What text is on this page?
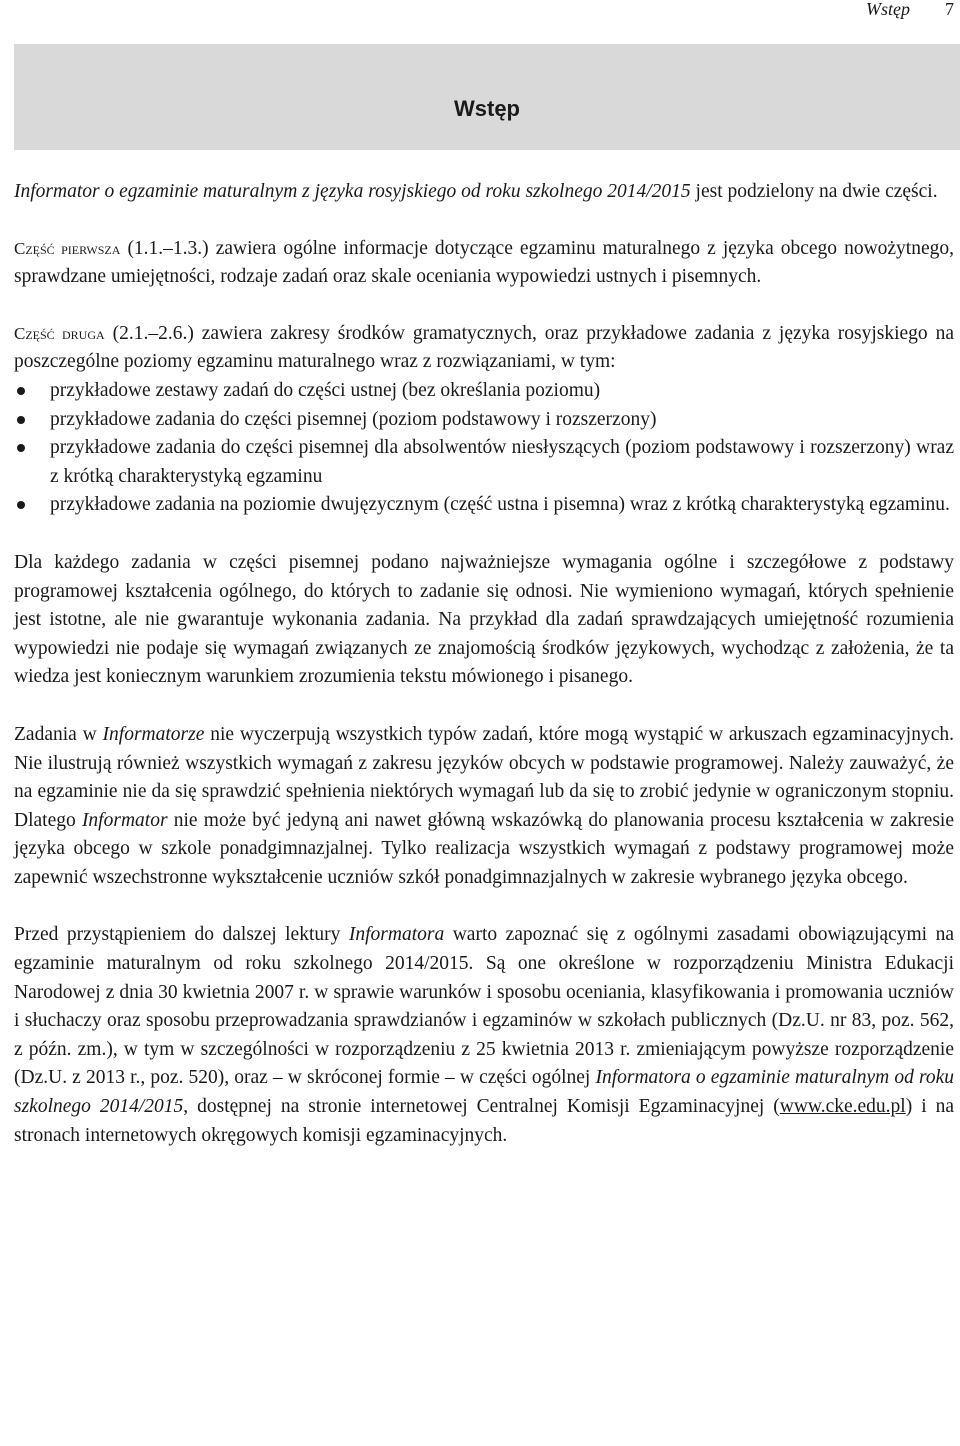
Wstęp 7
Wstęp

Informator o egzaminie maturalnym z języka rosyjskiego od roku szkolnego 2014/2015 jest podzielony na dwie części.

Część pierwsza (1.1.–1.3.) zawiera ogólne informacje dotyczące egzaminu maturalnego z języka obcego nowożytnego, sprawdzane umiejętności, rodzaje zadań oraz skale oceniania wypowiedzi ustnych i pisemnych.

Część druga (2.1.–2.6.) zawiera zakresy środków gramatycznych, oraz przykładowe zadania z języka rosyjskiego na poszczególne poziomy egzaminu maturalnego wraz z rozwiązaniami, w tym:

przykładowe zestawy zadań do części ustnej (bez określania poziomu)
przykładowe zadania do części pisemnej (poziom podstawowy i rozszerzony)
przykładowe zadania do części pisemnej dla absolwentów niesłyszących (poziom podstawowy i rozszerzony) wraz z krótką charakterystyką egzaminu
przykładowe zadania na poziomie dwujęzycznym (część ustna i pisemna) wraz z krótką charakterystyką egzaminu.

Dla każdego zadania w części pisemnej podano najważniejsze wymagania ogólne i szczegółowe z podstawy programowej kształcenia ogólnego, do których to zadanie się odnosi. Nie wymieniono wymagań, których spełnienie jest istotne, ale nie gwarantuje wykonania zadania. Na przykład dla zadań sprawdzających umiejętność rozumienia wypowiedzi nie podaje się wymagań związanych ze znajomością środków językowych, wychodząc z założenia, że ta wiedza jest koniecznym warunkiem zrozumienia tekstu mówionego i pisanego.

Zadania w Informatorze nie wyczerpują wszystkich typów zadań, które mogą wystąpić w arkuszach egzaminacyjnych. Nie ilustrują również wszystkich wymagań z zakresu języków obcych w podstawie programowej. Należy zauważyć, że na egzaminie nie da się sprawdzić spełnienia niektórych wymagań lub da się to zrobić jedynie w ograniczonym stopniu. Dlatego Informator nie może być jedyną ani nawet główną wskazówką do planowania procesu kształcenia w zakresie języka obcego w szkole ponadgimnazjalnej. Tylko realizacja wszystkich wymagań z podstawy programowej może zapewnić wszechstronne wykształcenie uczniów szkół ponadgimnazjalnych w zakresie wybranego języka obcego.

Przed przystąpieniem do dalszej lektury Informatora warto zapoznać się z ogólnymi zasadami obowiązującymi na egzaminie maturalnym od roku szkolnego 2014/2015. Są one określone w rozporządzeniu Ministra Edukacji Narodowej z dnia 30 kwietnia 2007 r. w sprawie warunków i sposobu oceniania, klasyfikowania i promowania uczniów i słuchaczy oraz sposobu przeprowadzania sprawdzianów i egzaminów w szkołach publicznych (Dz.U. nr 83, poz. 562, z późn. zm.), w tym w szczególności w rozporządzeniu z 25 kwietnia 2013 r. zmieniającym powyższe rozporządzenie (Dz.U. z 2013 r., poz. 520), oraz – w skróconej formie – w części ogólnej Informatora o egzaminie maturalnym od roku szkolnego 2014/2015, dostępnej na stronie internetowej Centralnej Komisji Egzaminacyjnej (www.cke.edu.pl) i na stronach internetowych okręgowych komisji egzaminacyjnych.
